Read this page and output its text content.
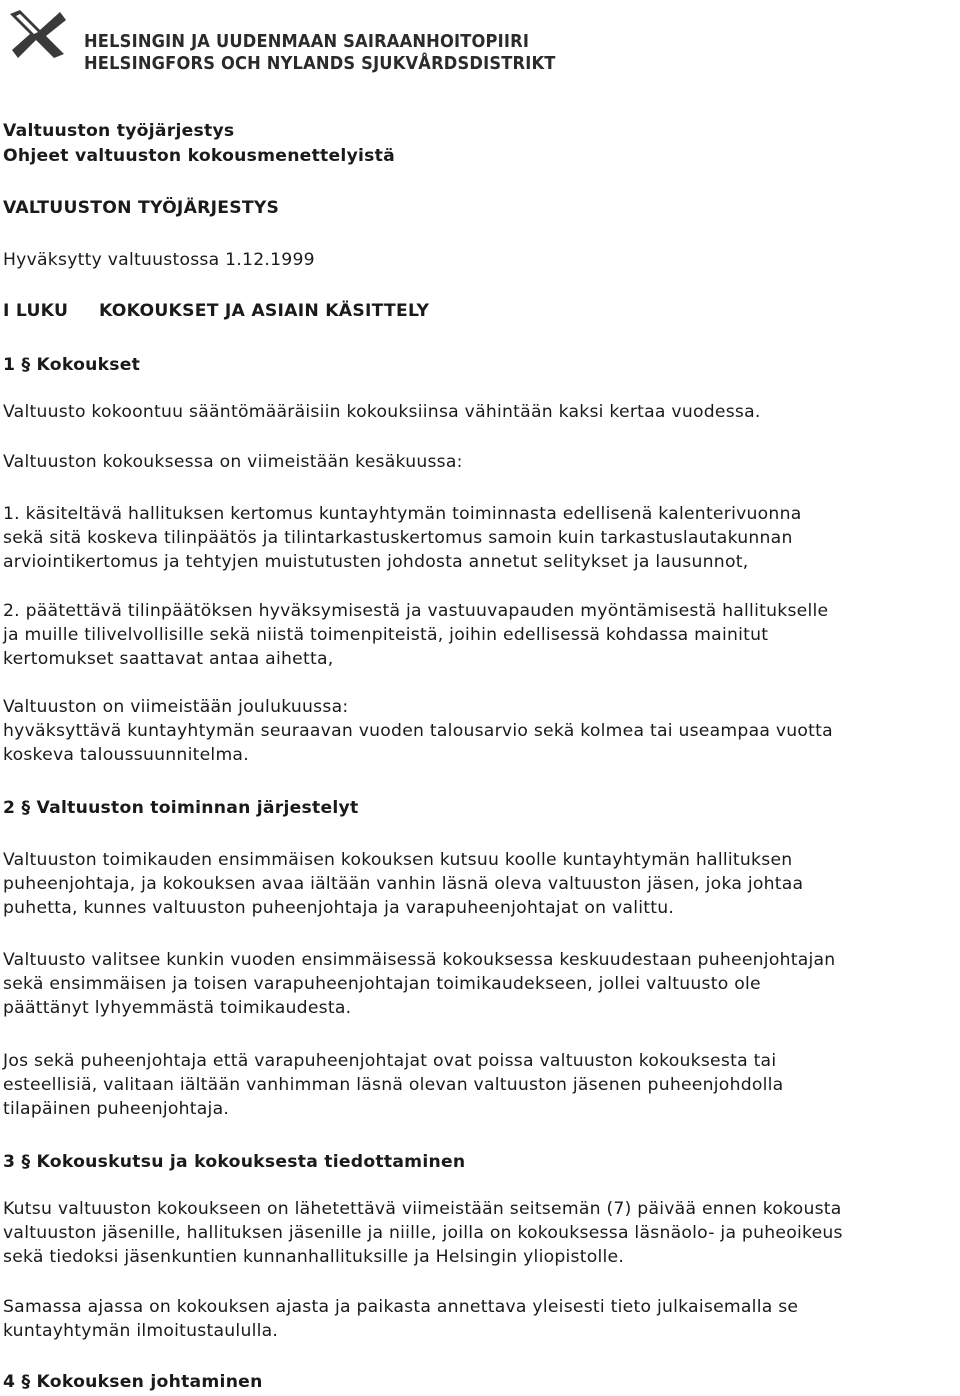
HELSINGIN JA UUDENMAAN SAIRAANHOITOPIIRI
HELSINGFORS OCH NYLANDS SJUKVÅRDSDISTRIKT
Valtuuston työjärjestys
Ohjeet valtuuston kokousmenettelyistä
VALTUUSTON TYÖJÄRJESTYS
Hyväksytty valtuustossa 1.12.1999
I LUKU KOKOUKSET JA ASIAIN KÄSITTELY
1 § Kokoukset
Valtuusto kokoontuu sääntömääräisiin kokouksiinsa vähintään kaksi kertaa vuodessa.
Valtuuston kokouksessa on viimeistään kesäkuussa:
1. käsiteltävä hallituksen kertomus kuntayhtymän toiminnasta edellisenä kalenterivuonna
sekä sitä koskeva tilinpäätös ja tilintarkastuskertomus samoin kuin tarkastuslautakunnan
arviointikertomus ja tehtyjen muistutusten johdosta annetut selitykset ja lausunnot,
2. päätettävä tilinpäätöksen hyväksymisestä ja vastuuvapauden myöntämisestä hallitukselle
ja muille tilivelvollisille sekä niistä toimenpiteistä, joihin edellisessä kohdassa mainitut
kertomukset saattavat antaa aihetta,
Valtuuston on viimeistään joulukuussa:
hyväksyttävä kuntayhtymän seuraavan vuoden talousarvio sekä kolmea tai useampaa vuotta
koskeva taloussuunnitelma.
2 § Valtuuston toiminnan järjestelyt
Valtuuston toimikauden ensimmäisen kokouksen kutsuu koolle kuntayhtymän hallituksen
puheenjohtaja, ja kokouksen avaa iältään vanhin läsnä oleva valtuuston jäsen, joka johtaa
puhetta, kunnes valtuuston puheenjohtaja ja varapuheenjohtajat on valittu.
Valtuusto valitsee kunkin vuoden ensimmäisessä kokouksessa keskuudestaan puheenjohtajan
sekä ensimmäisen ja toisen varapuheenjohtajan toimikaudekseen, jollei valtuusto ole
päättänyt lyhyemmästä toimikaudesta.
Jos sekä puheenjohtaja että varapuheenjohtajat ovat poissa valtuuston kokouksesta tai
esteellisiä, valitaan iältään vanhimman läsnä olevan valtuuston jäsenen puheenjohdolla
tilapäinen puheenjohtaja.
3 § Kokouskutsu ja kokouksesta tiedottaminen
Kutsu valtuuston kokoukseen on lähetettävä viimeistään seitsemän (7) päivää ennen kokousta
valtuuston jäsenille, hallituksen jäsenille ja niille, joilla on kokouksessa läsnäolo- ja puheoikeus
sekä tiedoksi jäsenkuntien kunnanhallituksille ja Helsingin yliopistolle.
Samassa ajassa on kokouksen ajasta ja paikasta annettava yleisesti tieto julkaisemalla se
kuntayhtymän ilmoitustaululla.
4 § Kokouksen johtaminen
